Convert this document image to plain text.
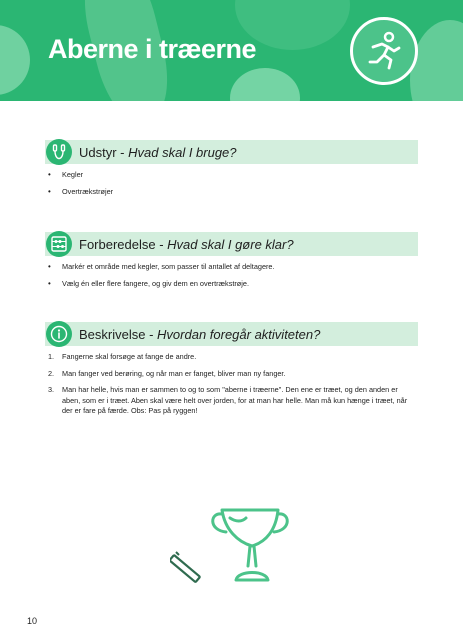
Aberne i træerne
Udstyr - Hvad skal I bruge?
• Kegler
• Overtrækstrøjer
Forberedelse - Hvad skal I gøre klar?
• Markér et område med kegler, som passer til antallet af deltagere.
• Vælg én eller flere fangere, og giv dem en overtrækstrøje.
Beskrivelse - Hvordan foregår aktiviteten?
1. Fangerne skal forsøge at fange de andre.
2. Man fanger ved berøring, og når man er fanget, bliver man ny fanger.
3. Man har helle, hvis man er sammen to og to som "aberne i træerne". Den ene er træet, og den anden er aben, som er i træet. Aben skal være helt over jorden, for at man har helle. Man må kun hænge i træet, når der er fare på færde. Obs: Pas på ryggen!
10
